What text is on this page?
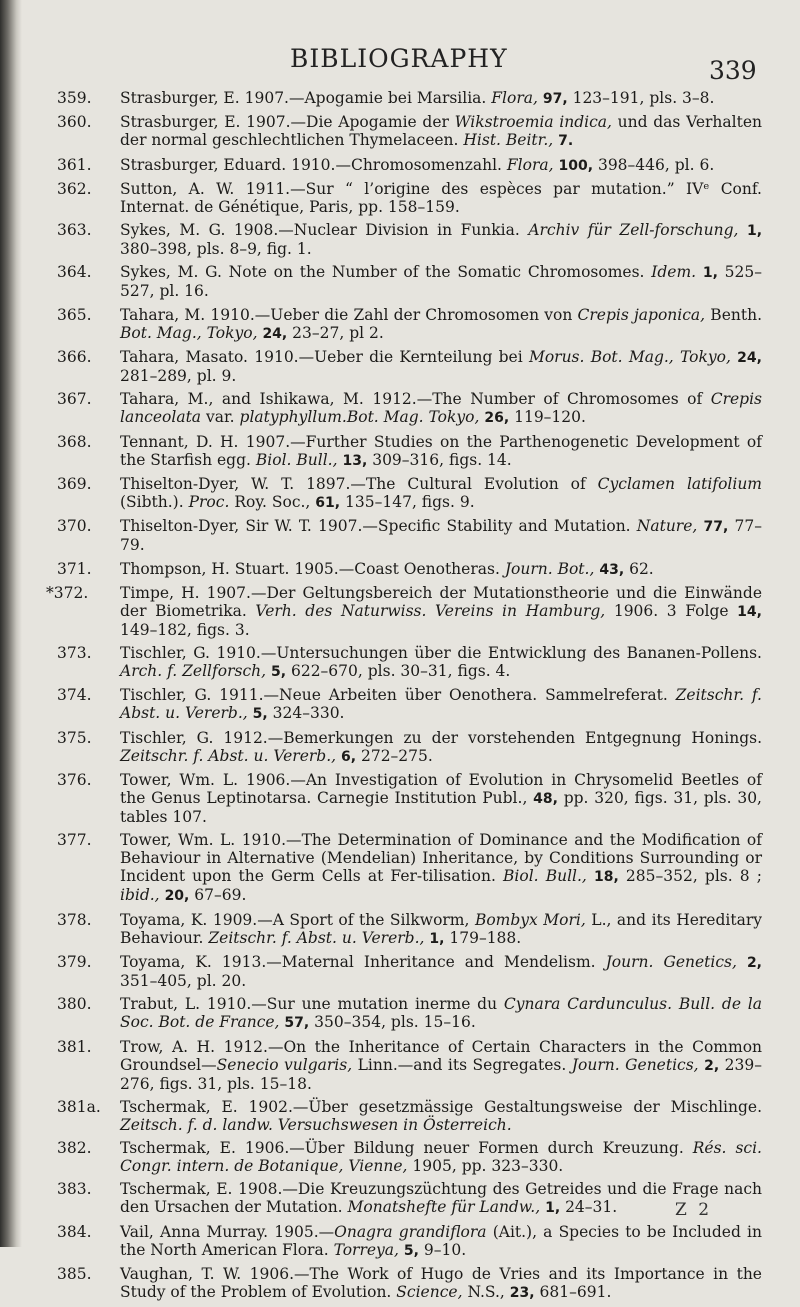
BIBLIOGRAPHY	339
359. Strasburger, E. 1907.—Apogamie bei Marsilia. Flora, 97, 123–191, pls. 3–8.
360. Strasburger, E. 1907.—Die Apogamie der Wikstroemia indica, und das Verhalten der normal geschlechtlichen Thymelaceen. Hist. Beitr., 7.
361. Strasburger, Eduard. 1910.—Chromosomenzahl. Flora, 100, 398–446, pl. 6.
362. Sutton, A. W. 1911.—Sur “ l’origine des espèces par mutation.” IVᵉ Conf. Internat. de Génétique, Paris, pp. 158–159.
363. Sykes, M. G. 1908.—Nuclear Division in Funkia. Archiv für Zell-forschung, 1, 380–398, pls. 8–9, fig. 1.
364. Sykes, M. G. Note on the Number of the Somatic Chromosomes. Idem. 1, 525–527, pl. 16.
365. Tahara, M. 1910.—Ueber die Zahl der Chromosomen von Crepis japonica, Benth. Bot. Mag., Tokyo, 24, 23–27, pl 2.
366. Tahara, Masato. 1910.—Ueber die Kernteilung bei Morus. Bot. Mag., Tokyo, 24, 281–289, pl. 9.
367. Tahara, M., and Ishikawa, M. 1912.—The Number of Chromosomes of Crepis lanceolata var. platyphyllum.Bot. Mag. Tokyo, 26, 119–120.
368. Tennant, D. H. 1907.—Further Studies on the Parthenogenetic Development of the Starfish egg. Biol. Bull., 13, 309–316, figs. 14.
369. Thiselton-Dyer, W. T. 1897.—The Cultural Evolution of Cyclamen latifolium (Sibth.). Proc. Roy. Soc., 61, 135–147, figs. 9.
370. Thiselton-Dyer, Sir W. T. 1907.—Specific Stability and Mutation. Nature, 77, 77–79.
371. Thompson, H. Stuart. 1905.—Coast Oenotheras. Journ. Bot., 43, 62.
*372. Timpe, H. 1907.—Der Geltungsbereich der Mutationstheorie und die Einwände der Biometrika. Verh. des Naturwiss. Vereins in Hamburg, 1906. 3 Folge 14, 149–182, figs. 3.
373. Tischler, G. 1910.—Untersuchungen über die Entwicklung des Bananen-Pollens. Arch. f. Zellforsch, 5, 622–670, pls. 30–31, figs. 4.
374. Tischler, G. 1911.—Neue Arbeiten über Oenothera. Sammelreferat. Zeitschr. f. Abst. u. Vererb., 5, 324–330.
375. Tischler, G. 1912.—Bemerkungen zu der vorstehenden Entgegnung Honings. Zeitschr. f. Abst. u. Vererb., 6, 272–275.
376. Tower, Wm. L. 1906.—An Investigation of Evolution in Chrysomelid Beetles of the Genus Leptinotarsa. Carnegie Institution Publ., 48, pp. 320, figs. 31, pls. 30, tables 107.
377. Tower, Wm. L. 1910.—The Determination of Dominance and the Modification of Behaviour in Alternative (Mendelian) Inheritance, by Conditions Surrounding or Incident upon the Germ Cells at Fer-tilisation. Biol. Bull., 18, 285–352, pls. 8 ; ibid., 20, 67–69.
378. Toyama, K. 1909.—A Sport of the Silkworm, Bombyx Mori, L., and its Hereditary Behaviour. Zeitschr. f. Abst. u. Vererb., 1, 179–188.
379. Toyama, K. 1913.—Maternal Inheritance and Mendelism. Journ. Genetics, 2, 351–405, pl. 20.
380. Trabut, L. 1910.—Sur une mutation inerme du Cynara Cardunculus. Bull. de la Soc. Bot. de France, 57, 350–354, pls. 15–16.
381. Trow, A. H. 1912.—On the Inheritance of Certain Characters in the Common Groundsel—Senecio vulgaris, Linn.—and its Segregates. Journ. Genetics, 2, 239–276, figs. 31, pls. 15–18.
381a. Tschermak, E. 1902.—Über gesetzmässige Gestaltungsweise der Mischlinge. Zeitsch. f. d. landw. Versuchswesen in Österreich.
382. Tschermak, E. 1906.—Über Bildung neuer Formen durch Kreuzung. Rés. sci. Congr. intern. de Botanique, Vienne, 1905, pp. 323–330.
383. Tschermak, E. 1908.—Die Kreuzungszüchtung des Getreides und die Frage nach den Ursachen der Mutation. Monatshefte für Landw., 1, 24–31.
384. Vail, Anna Murray. 1905.—Onagra grandiflora (Ait.), a Species to be Included in the North American Flora. Torreya, 5, 9–10.
385. Vaughan, T. W. 1906.—The Work of Hugo de Vries and its Importance in the Study of the Problem of Evolution. Science, N.S., 23, 681–691.
Z 2
